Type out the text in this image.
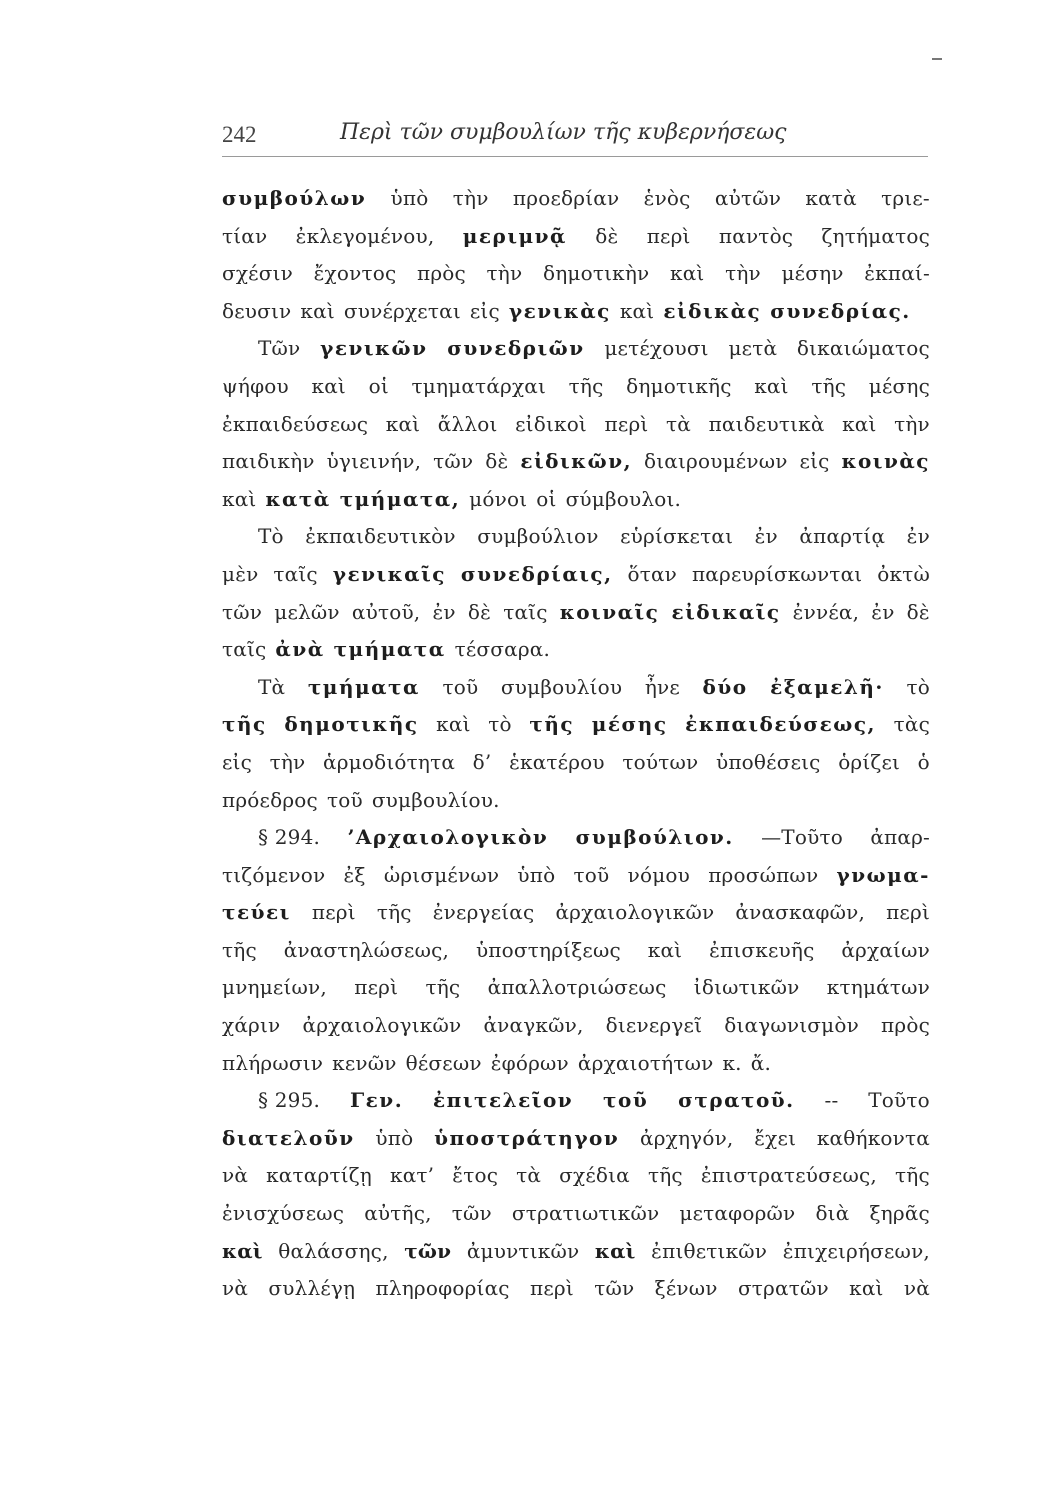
242	Περὶ τῶν συμβουλίων τῆς κυβερνήσεως
συμβούλων ὑπὸ τὴν προεδρίαν ἑνὸς αὐτῶν κατὰ τριε-
τίαν ἐκλεγομένου, μεριμνᾷ δὲ περὶ παντὸς ζητήματος
σχέσιν ἔχοντος πρὸς τὴν δημοτικὴν καὶ τὴν μέσην ἐκπαί-
δευσιν καὶ συνέρχεται εἰς γενικὰς καὶ εἰδικὰς συνεδρίας.
Τῶν γενικῶν συνεδριῶν μετέχουσι μετὰ δικαιώματος
ψήφου καὶ οἱ τμηματάρχαι τῆς δημοτικῆς καὶ τῆς μέσης
ἐκπαιδεύσεως καὶ ἄλλοι εἰδικοὶ περὶ τὰ παιδευτικὰ καὶ τὴν
παιδικὴν ὑγιεινήν, τῶν δὲ εἰδικῶν, διαιρουμένων εἰς κοινὰς
καὶ κατὰ τμήματα, μόνοι οἱ σύμβουλοι.
Τὸ ἐκπαιδευτικὸν συμβούλιον εὑρίσκεται ἐν ἀπαρτίᾳ ἐν
μὲν ταῖς γενικαῖς συνεδρίαις, ὅταν παρευρίσκωνται ὀκτὼ
τῶν μελῶν αὐτοῦ, ἐν δὲ ταῖς κοιναῖς εἰδικαῖς ἐννέα, ἐν δὲ
ταῖς ἀνὰ τμήματα τέσσαρα.
Τὰ τμήματα τοῦ συμβουλίου ἦνε δύο ἐξαμελῆ· τὸ
τῆς δημοτικῆς καὶ τὸ τῆς μέσης ἐκπαιδεύσεως, τὰς
εἰς τὴν ἁρμοδιότητα δ’ ἑκατέρου τούτων ὑποθέσεις ὁρίζει ὁ
πρόεδρος τοῦ συμβουλίου.
§ 294. ’Αρχαιολογικὸν συμβούλιον. —Τοῦτο ἀπαρ-
τιζόμενον ἐξ ὡρισμένων ὑπὸ τοῦ νόμου προσώπων γνωμα-
τεύει περὶ τῆς ἐνεργείας ἀρχαιολογικῶν ἀνασκαφῶν, περὶ
τῆς ἀναστηλώσεως, ὑποστηρίξεως καὶ ἐπισκευῆς ἀρχαίων
μνημείων, περὶ τῆς ἀπαλλοτριώσεως ἰδιωτικῶν κτημάτων
χάριν ἀρχαιολογικῶν ἀναγκῶν, διενεργεῖ διαγωνισμὸν πρὸς
πλήρωσιν κενῶν θέσεων ἐφόρων ἀρχαιοτήτων κ. ἄ.
§ 295. Γεν. ἐπιτελεῖον τοῦ στρατοῦ. -- Τοῦτο
διατελοῦν ὑπὸ ὑποστράτηγον ἀρχηγόν, ἔχει καθήκοντα
νὰ καταρτίζῃ κατ’ ἔτος τὰ σχέδια τῆς ἐπιστρατεύσεως, τῆς
ἐνισχύσεως αὐτῆς, τῶν στρατιωτικῶν μεταφορῶν διὰ ξηρᾶς
καὶ θαλάσσης, τῶν ἀμυντικῶν καὶ ἐπιθετικῶν ἐπιχειρήσεων,
νὰ συλλέγῃ πληροφορίας περὶ τῶν ξένων στρατῶν καὶ νὰ
